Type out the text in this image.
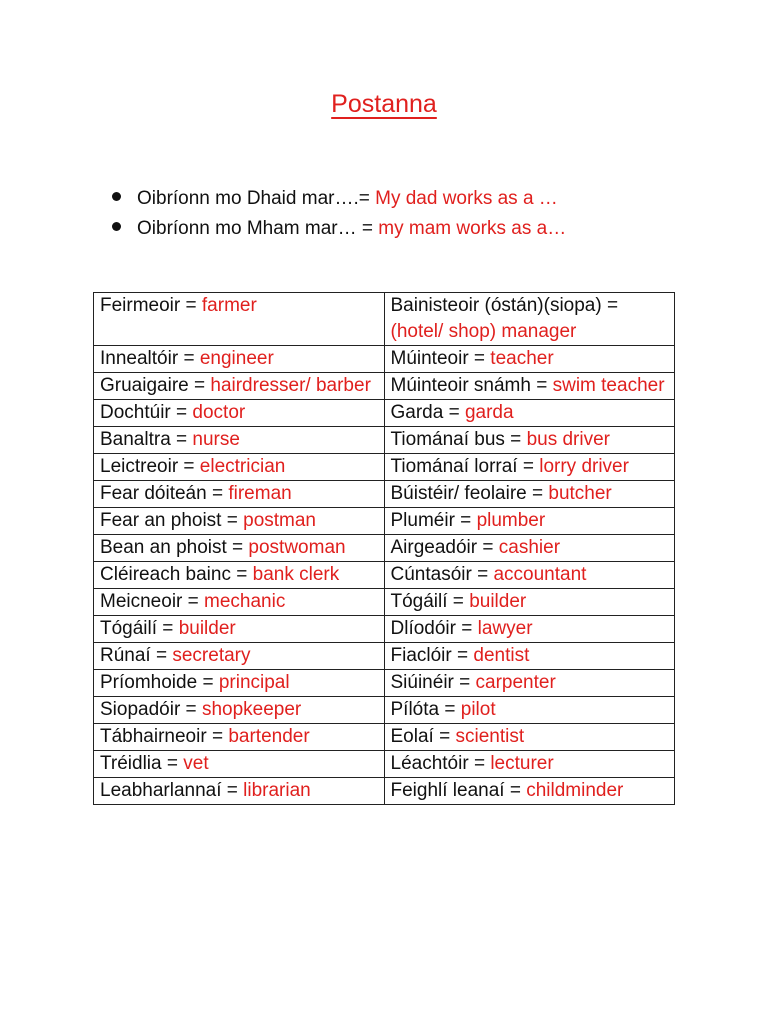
Postanna
Oibríonn mo Dhaid mar….= My dad works as a …
Oibríonn mo Mham mar… = my mam works as a…
Feirmeoir = farmer	Bainisteoir (óstán)(siopa) = (hotel/ shop) manager
Innealtóir = engineer	Múinteoir = teacher
Gruaigaire = hairdresser/ barber	Múinteoir snámh = swim teacher
Dochtúir = doctor	Garda = garda
Banaltra = nurse	Tiománaí bus = bus driver
Leictreoir = electrician	Tiománaí lorraí = lorry driver
Fear dóiteán = fireman	Búistéir/ feolaire = butcher
Fear an phoist = postman	Pluméir = plumber
Bean an phoist = postwoman	Airgeadóir = cashier
Cléireach bainc = bank clerk	Cúntasóir = accountant
Meicneoir = mechanic	Tógáilí = builder
Tógáilí = builder	Dlíodóir = lawyer
Rúnaí = secretary	Fiaclóir = dentist
Príomhoide = principal	Siúinéir = carpenter
Siopadóir = shopkeeper	Pílóta = pilot
Tábhairneoir = bartender	Eolaí = scientist
Tréidlia = vet	Léachtóir = lecturer
Leabharlannaí = librarian	Feighlí leanaí = childminder
